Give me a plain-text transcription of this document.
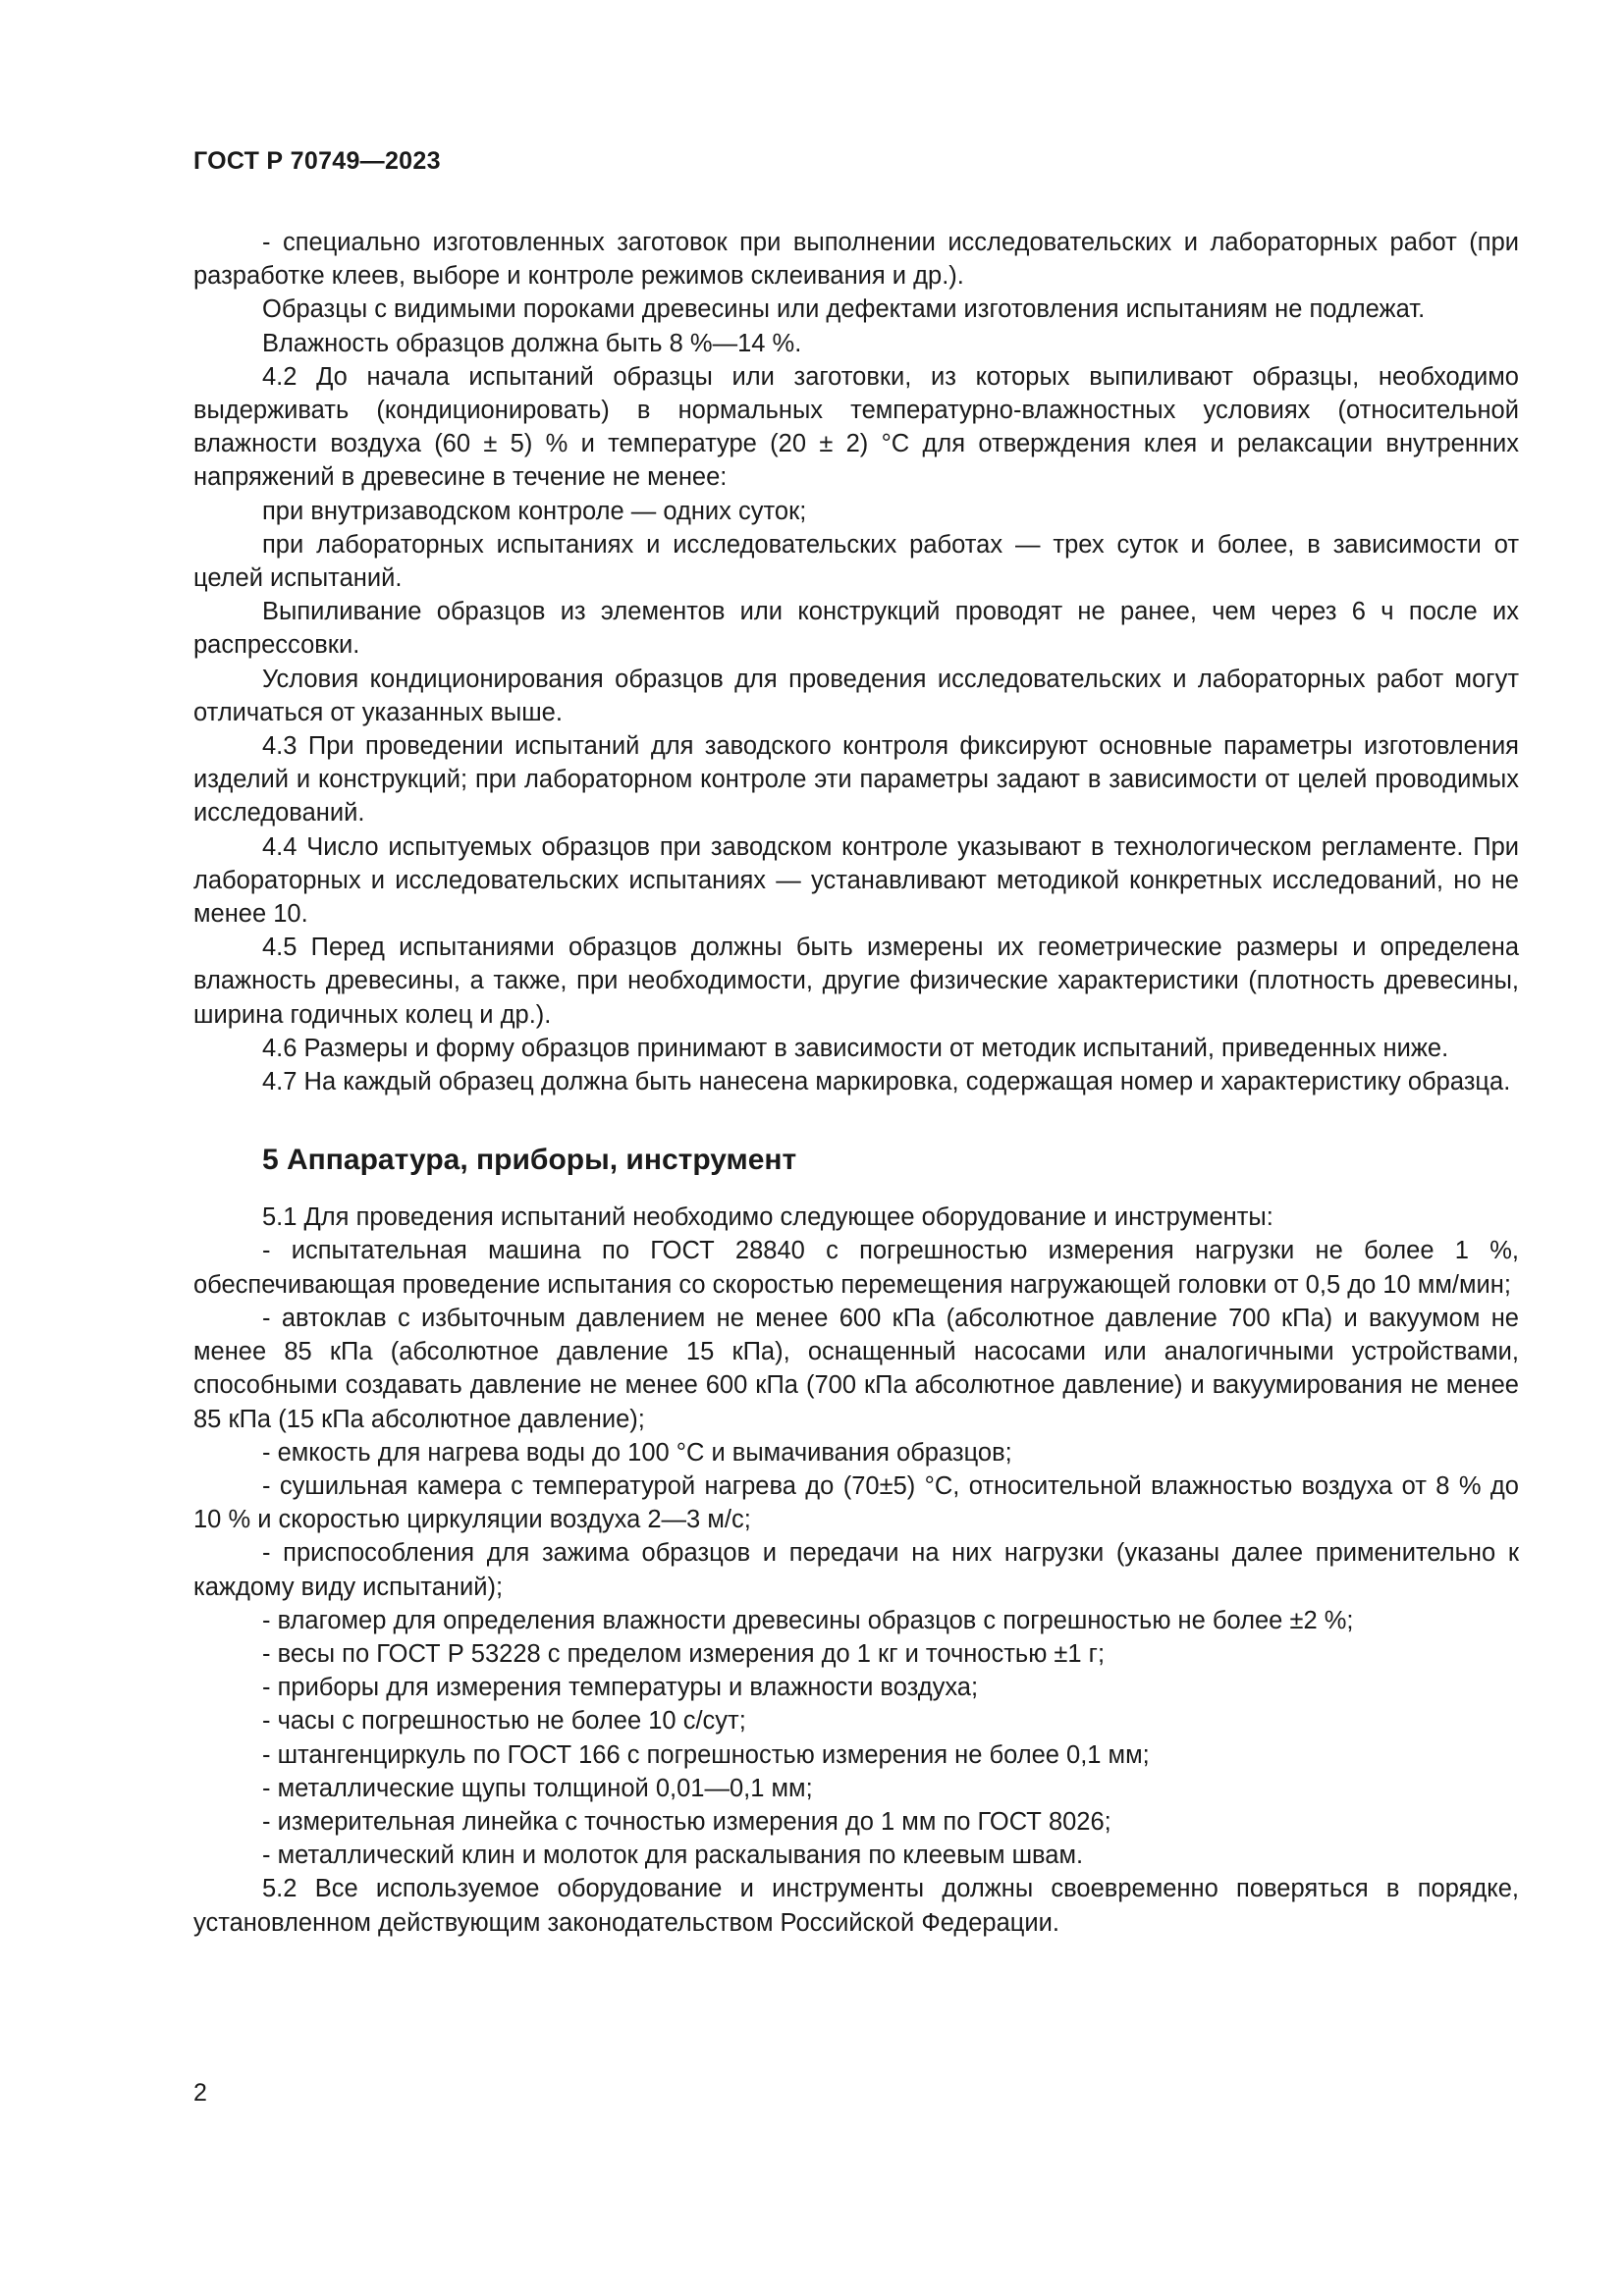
ГОСТ Р 70749—2023

- специально изготовленных заготовок при выполнении исследовательских и лабораторных работ (при разработке клеев, выборе и контроле режимов склеивания и др.).

Образцы с видимыми пороками древесины или дефектами изготовления испытаниям не подлежат.

Влажность образцов должна быть 8 %—14 %.

4.2 До начала испытаний образцы или заготовки, из которых выпиливают образцы, необходимо выдерживать (кондиционировать) в нормальных температурно-влажностных условиях (относительной влажности воздуха (60 ± 5) % и температуре (20 ± 2) °С для отверждения клея и релаксации внутренних напряжений в древесине в течение не менее:

при внутризаводском контроле — одних суток;

при лабораторных испытаниях и исследовательских работах — трех суток и более, в зависимости от целей испытаний.

Выпиливание образцов из элементов или конструкций проводят не ранее, чем через 6 ч после их распрессовки.

Условия кондиционирования образцов для проведения исследовательских и лабораторных работ могут отличаться от указанных выше.

4.3 При проведении испытаний для заводского контроля фиксируют основные параметры изготовления изделий и конструкций; при лабораторном контроле эти параметры задают в зависимости от целей проводимых исследований.

4.4 Число испытуемых образцов при заводском контроле указывают в технологическом регламенте. При лабораторных и исследовательских испытаниях — устанавливают методикой конкретных исследований, но не менее 10.

4.5 Перед испытаниями образцов должны быть измерены их геометрические размеры и определена влажность древесины, а также, при необходимости, другие физические характеристики (плотность древесины, ширина годичных колец и др.).

4.6 Размеры и форму образцов принимают в зависимости от методик испытаний, приведенных ниже.

4.7 На каждый образец должна быть нанесена маркировка, содержащая номер и характеристику образца.

5 Аппаратура, приборы, инструмент

5.1 Для проведения испытаний необходимо следующее оборудование и инструменты:

- испытательная машина по ГОСТ 28840 с погрешностью измерения нагрузки не более 1 %, обеспечивающая проведение испытания со скоростью перемещения нагружающей головки от 0,5 до 10 мм/мин;

- автоклав с избыточным давлением не менее 600 кПа (абсолютное давление 700 кПа) и вакуумом не менее 85 кПа (абсолютное давление 15 кПа), оснащенный насосами или аналогичными устройствами, способными создавать давление не менее 600 кПа (700 кПа абсолютное давление) и вакуумирования не менее 85 кПа (15 кПа абсолютное давление);

- емкость для нагрева воды до 100 °С и вымачивания образцов;

- сушильная камера с температурой нагрева до (70±5) °С, относительной влажностью воздуха от 8 % до 10 % и скоростью циркуляции воздуха 2—3 м/с;

- приспособления для зажима образцов и передачи на них нагрузки (указаны далее применительно к каждому виду испытаний);

- влагомер для определения влажности древесины образцов с погрешностью не более ±2 %;

- весы по ГОСТ Р 53228 с пределом измерения до 1 кг и точностью ±1 г;

- приборы для измерения температуры и влажности воздуха;

- часы с погрешностью не более 10 с/сут;

- штангенциркуль по ГОСТ 166 с погрешностью измерения не более 0,1 мм;

- металлические щупы толщиной 0,01—0,1 мм;

- измерительная линейка с точностью измерения до 1 мм по ГОСТ 8026;

- металлический клин и молоток для раскалывания по клеевым швам.

5.2 Все используемое оборудование и инструменты должны своевременно поверяться в порядке, установленном действующим законодательством Российской Федерации.

2
